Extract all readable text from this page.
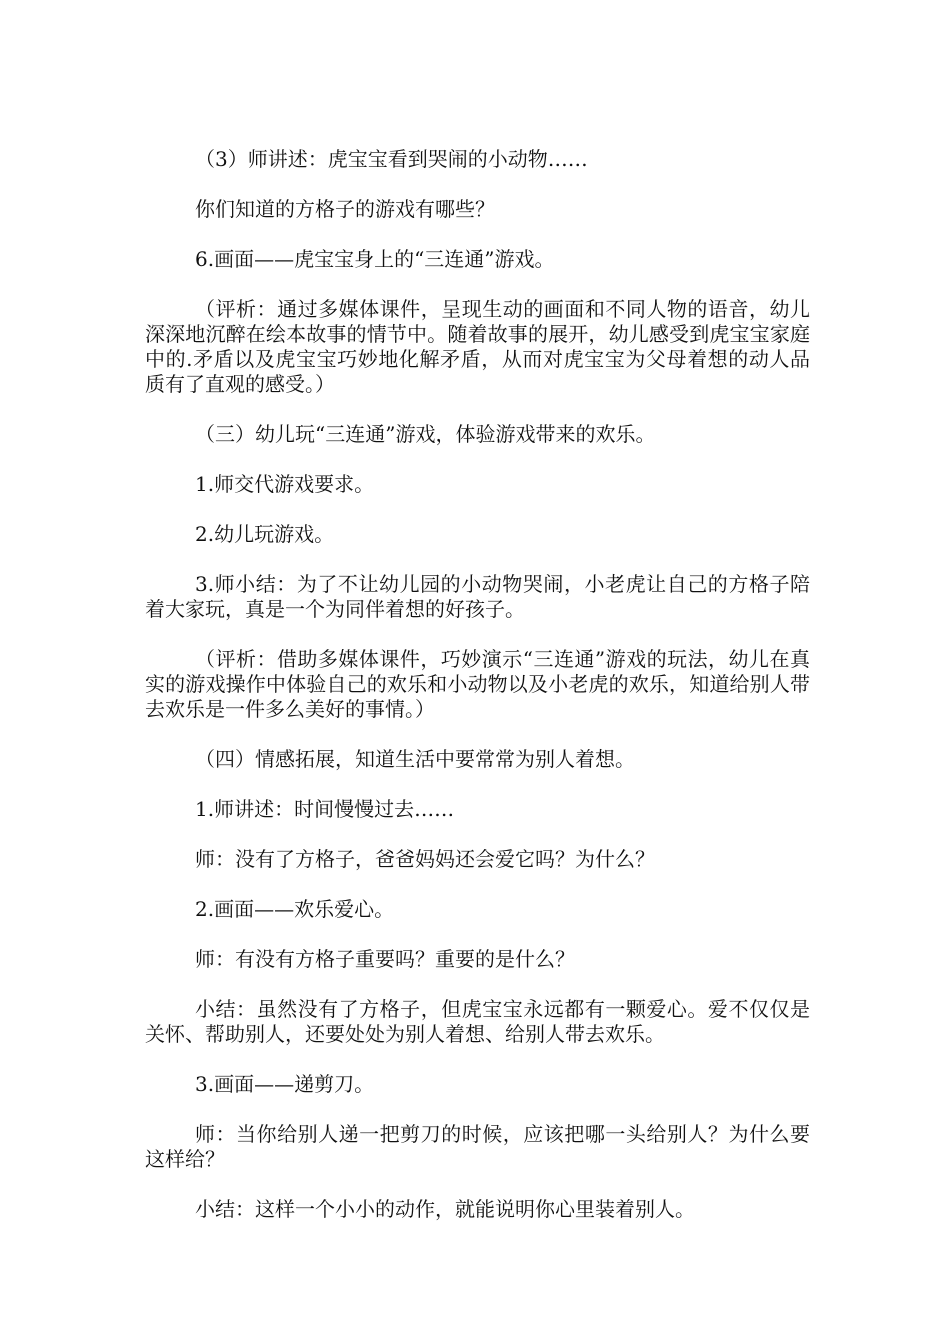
（3）师讲述：虎宝宝看到哭闹的小动物……

你们知道的方格子的游戏有哪些？

6.画面——虎宝宝身上的“三连通”游戏。

（评析：通过多媒体课件，呈现生动的画面和不同人物的语音，幼儿深深地沉醉在绘本故事的情节中。随着故事的展开，幼儿感受到虎宝宝家庭中的.矛盾以及虎宝宝巧妙地化解矛盾，从而对虎宝宝为父母着想的动人品质有了直观的感受。）

（三）幼儿玩“三连通”游戏，体验游戏带来的欢乐。

1.师交代游戏要求。

2.幼儿玩游戏。

3.师小结：为了不让幼儿园的小动物哭闹，小老虎让自己的方格子陪着大家玩，真是一个为同伴着想的好孩子。

（评析：借助多媒体课件，巧妙演示“三连通”游戏的玩法，幼儿在真实的游戏操作中体验自己的欢乐和小动物以及小老虎的欢乐，知道给别人带去欢乐是一件多么美好的事情。）

（四）情感拓展，知道生活中要常常为别人着想。

1.师讲述：时间慢慢过去……

师：没有了方格子，爸爸妈妈还会爱它吗？为什么？

2.画面——欢乐爱心。

师：有没有方格子重要吗？重要的是什么？

小结：虽然没有了方格子，但虎宝宝永远都有一颗爱心。爱不仅仅是关怀、帮助别人，还要处处为别人着想、给别人带去欢乐。

3.画面——递剪刀。

师：当你给别人递一把剪刀的时候，应该把哪一头给别人？为什么要这样给？

小结：这样一个小小的动作，就能说明你心里装着别人。
